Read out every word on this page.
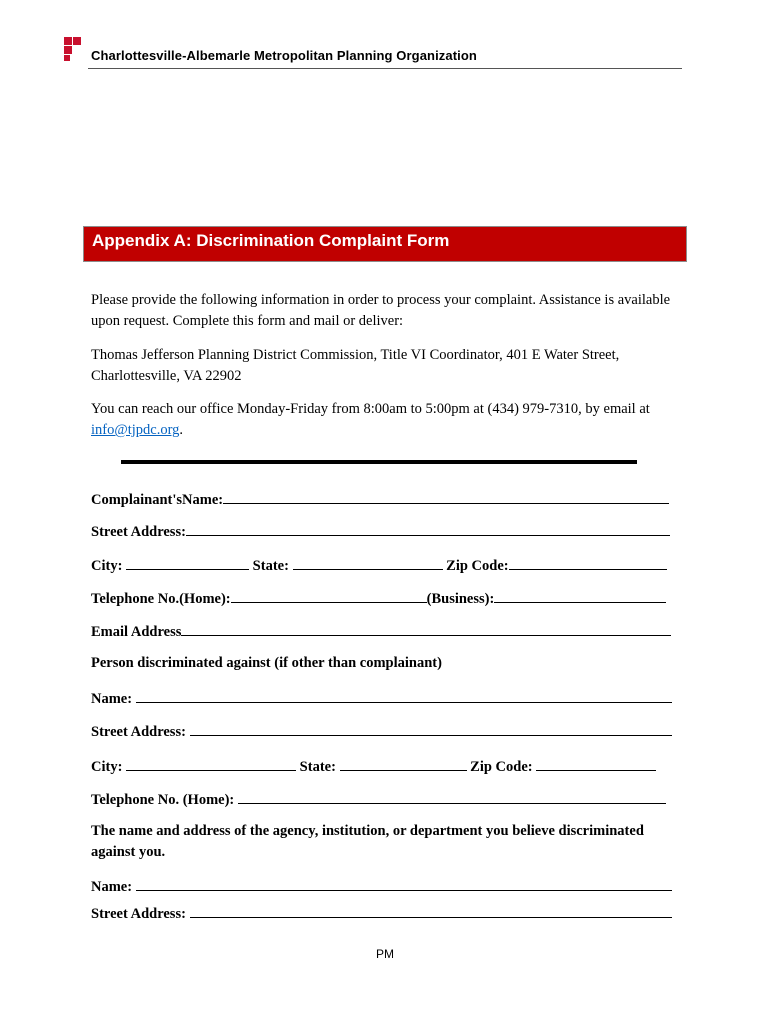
Charlottesville-Albemarle Metropolitan Planning Organization
Appendix A: Discrimination Complaint Form
Please provide the following information in order to process your complaint. Assistance is available upon request. Complete this form and mail or deliver:
Thomas Jefferson Planning District Commission, Title VI Coordinator, 401 E Water Street, Charlottesville, VA 22902
You can reach our office Monday-Friday from 8:00am to 5:00pm at (434) 979-7310, by email at info@tjpdc.org.
Complainant'sName:
Street Address:
City:	State:	Zip Code:
Telephone No.(Home):	(Business):
Email Address
Person discriminated against (if other than complainant)
Name:
Street Address:
City:	State:	Zip Code:
Telephone No. (Home):
The name and address of the agency, institution, or department you believe discriminated against you.
Name:
Street Address:
PM
